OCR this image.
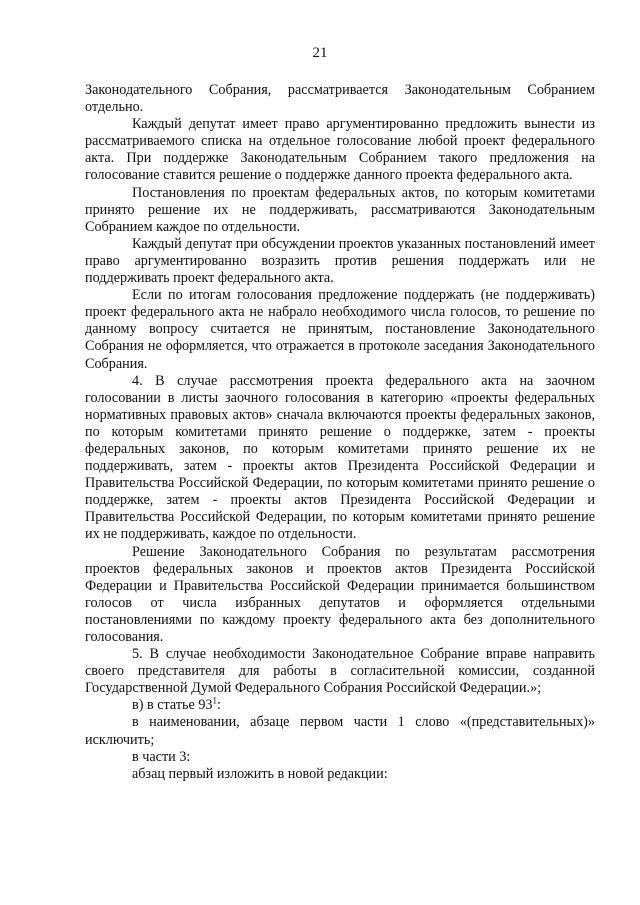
21

Законодательного Собрания, рассматривается Законодательным Собранием отдельно.

Каждый депутат имеет право аргументированно предложить вынести из рассматриваемого списка на отдельное голосование любой проект федерального акта. При поддержке Законодательным Собранием такого предложения на голосование ставится решение о поддержке данного проекта федерального акта.

Постановления по проектам федеральных актов, по которым комитетами принято решение их не поддерживать, рассматриваются Законодательным Собранием каждое по отдельности.

Каждый депутат при обсуждении проектов указанных постановлений имеет право аргументированно возразить против решения поддержать или не поддерживать проект федерального акта.

Если по итогам голосования предложение поддержать (не поддерживать) проект федерального акта не набрало необходимого числа голосов, то решение по данному вопросу считается не принятым, постановление Законодательного Собрания не оформляется, что отражается в протоколе заседания Законодательного Собрания.

4. В случае рассмотрения проекта федерального акта на заочном голосовании в листы заочного голосования в категорию «проекты федеральных нормативных правовых актов» сначала включаются проекты федеральных законов, по которым комитетами принято решение о поддержке, затем - проекты федеральных законов, по которым комитетами принято решение их не поддерживать, затем - проекты актов Президента Российской Федерации и Правительства Российской Федерации, по которым комитетами принято решение о поддержке, затем - проекты актов Президента Российской Федерации и Правительства Российской Федерации, по которым комитетами принято решение их не поддерживать, каждое по отдельности.

Решение Законодательного Собрания по результатам рассмотрения проектов федеральных законов и проектов актов Президента Российской Федерации и Правительства Российской Федерации принимается большинством голосов от числа избранных депутатов и оформляется отдельными постановлениями по каждому проекту федерального акта без дополнительного голосования.

5. В случае необходимости Законодательное Собрание вправе направить своего представителя для работы в согласительной комиссии, созданной Государственной Думой Федерального Собрания Российской Федерации.»;

в) в статье $93^1$:

в наименовании, абзаце первом части 1 слово «(представительных)» исключить;

в части 3:

абзац первый изложить в новой редакции:
